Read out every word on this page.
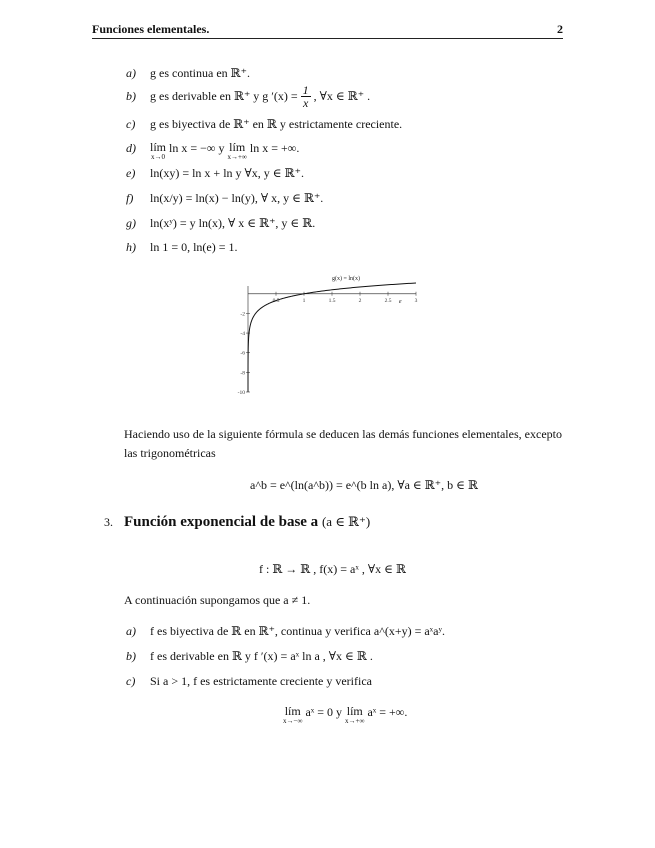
Funciones elementales.	2
a) g es continua en ℝ⁺.
b) g es derivable en ℝ⁺ y g $'(x) = \frac{1}{x}$ , ∀x ∈ ℝ⁺ .
c) g es biyectiva de ℝ⁺ en ℝ y estrictamente creciente.
d) lím
x→0
ln x = −∞ y lím
x→+∞
ln x = +∞.
e) ln(xy) = ln x + ln y ∀x, y ∈ ℝ⁺.
f) ln(x/y) = ln(x) − ln(y), ∀ x, y ∈ ℝ⁺.
g) ln(xʸ) = y ln(x), ∀ x ∈ ℝ⁺, y ∈ ℝ.
h) ln 1 = 0, ln(e) = 1.
0.5	1	1.5	2	2.5	3
-2
-4
-6
-8
-10
g(x) = ln(x)
e
Haciendo uso de la siguiente fórmula se deducen las demás funciones elementales, excepto las trigonométricas
a^b = e^(ln(a^b)) = e^(b ln a), ∀a ∈ ℝ⁺, b ∈ ℝ
3. Función exponencial de base a (a ∈ ℝ⁺)
f : ℝ → ℝ , f(x) = aˣ , ∀x ∈ ℝ
A continuación supongamos que a ≠ 1.
a) f es biyectiva de ℝ en ℝ⁺, continua y verifica a^(x+y) = aˣaʸ.
b) f es derivable en ℝ y f ′(x) = aˣ ln a , ∀x ∈ ℝ .
c) Si a > 1, f es estrictamente creciente y verifica
lím
x→−∞
aˣ = 0 y lím
x→+∞
aˣ = +∞.
